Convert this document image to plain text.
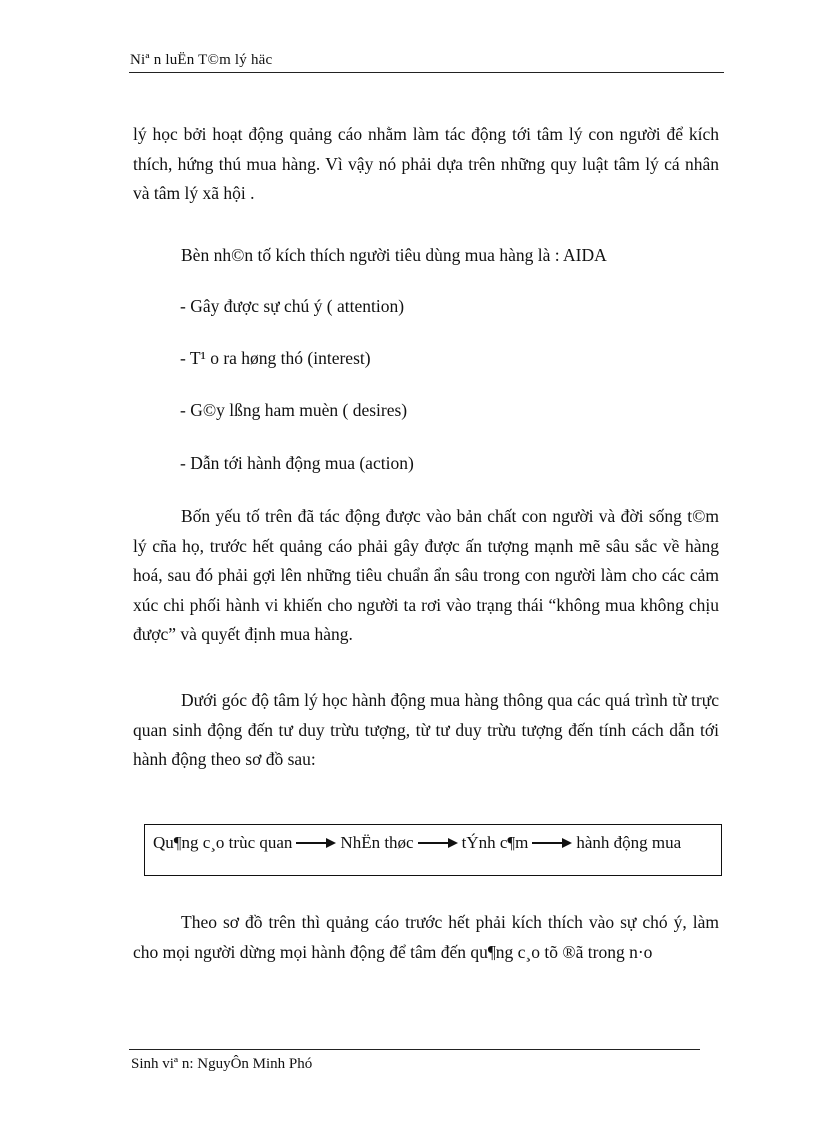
Niª n luËn T©m lý häc

lý học bởi hoạt động quảng cáo nhằm làm tác động tới tâm lý con người để kích thích, hứng thú mua hàng. Vì vậy nó phải dựa trên những quy luật tâm lý cá nhân và tâm lý xã hội .

Bèn nh©n tố kích thích người tiêu dùng mua hàng là : AIDA

- Gây được sự chú ý ( attention)
- T¹ o ra høng thó (interest)
- G©y lßng ham muèn ( desires)
- Dẫn tới hành động mua (action)

Bốn yếu tố trên đã tác động được vào bản chất con người và đời sống t©m lý cña họ, trước hết quảng cáo phải gây được ấn tượng mạnh mẽ sâu sắc về hàng hoá, sau đó phải gợi lên những tiêu chuẩn ẩn sâu trong con người làm cho các cảm xúc chi phối hành vi khiến cho người ta rơi vào trạng thái “không mua không chịu được” và quyết định mua hàng.

Dưới góc độ tâm lý học hành động mua hàng thông qua các quá trình từ trực quan sinh động đến tư duy trừu tượng, từ tư duy trừu tượng đến tính cách dẫn tới hành động theo sơ đồ sau:

Qu¶ng c¸o trùc quan	NhËn thøc	tÝnh c¶m	hành động mua

Theo sơ đồ trên thì quảng cáo trước hết phải kích thích vào sự chó ý, làm cho mọi người dừng mọi hành động để tâm đến qu¶ng c¸o tõ ®ã trong n·o

Sinh viª n: NguyÔn Minh Phó
